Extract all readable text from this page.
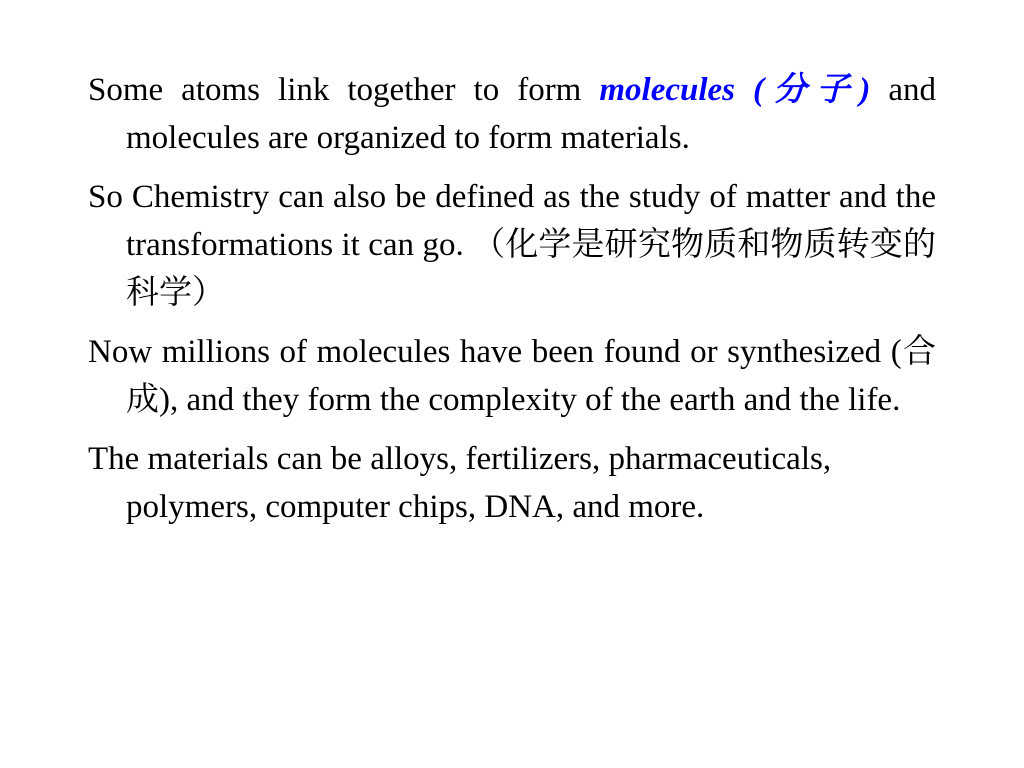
Some atoms link together to form molecules (分子) and molecules are organized to form materials.

So Chemistry can also be defined as the study of matter and the transformations it can go. （化学是研究物质和物质转变的科学）

Now millions of molecules have been found or synthesized (合成), and they form the complexity of the earth and the life.

The materials can be alloys, fertilizers, pharmaceuticals, polymers, computer chips, DNA, and more.
